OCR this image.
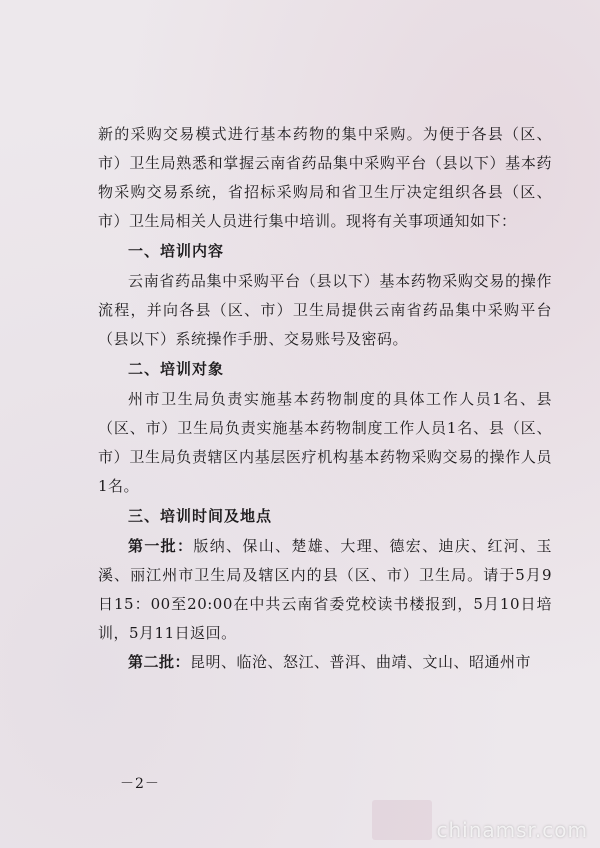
新的采购交易模式进行基本药物的集中采购。为便于各县（区、市）卫生局熟悉和掌握云南省药品集中采购平台（县以下）基本药物采购交易系统，省招标采购局和省卫生厅决定组织各县（区、市）卫生局相关人员进行集中培训。现将有关事项通知如下：

一、培训内容

云南省药品集中采购平台（县以下）基本药物采购交易的操作流程，并向各县（区、市）卫生局提供云南省药品集中采购平台（县以下）系统操作手册、交易账号及密码。

二、培训对象

州市卫生局负责实施基本药物制度的具体工作人员1名、县（区、市）卫生局负责实施基本药物制度工作人员1名、县（区、市）卫生局负责辖区内基层医疗机构基本药物采购交易的操作人员1名。

三、培训时间及地点

第一批：版纳、保山、楚雄、大理、德宏、迪庆、红河、玉溪、丽江州市卫生局及辖区内的县（区、市）卫生局。请于5月9日15：00至20:00在中共云南省委党校读书楼报到，5月10日培训，5月11日返回。

第二批：昆明、临沧、怒江、普洱、曲靖、文山、昭通州市

－2－
chinamsr.com
